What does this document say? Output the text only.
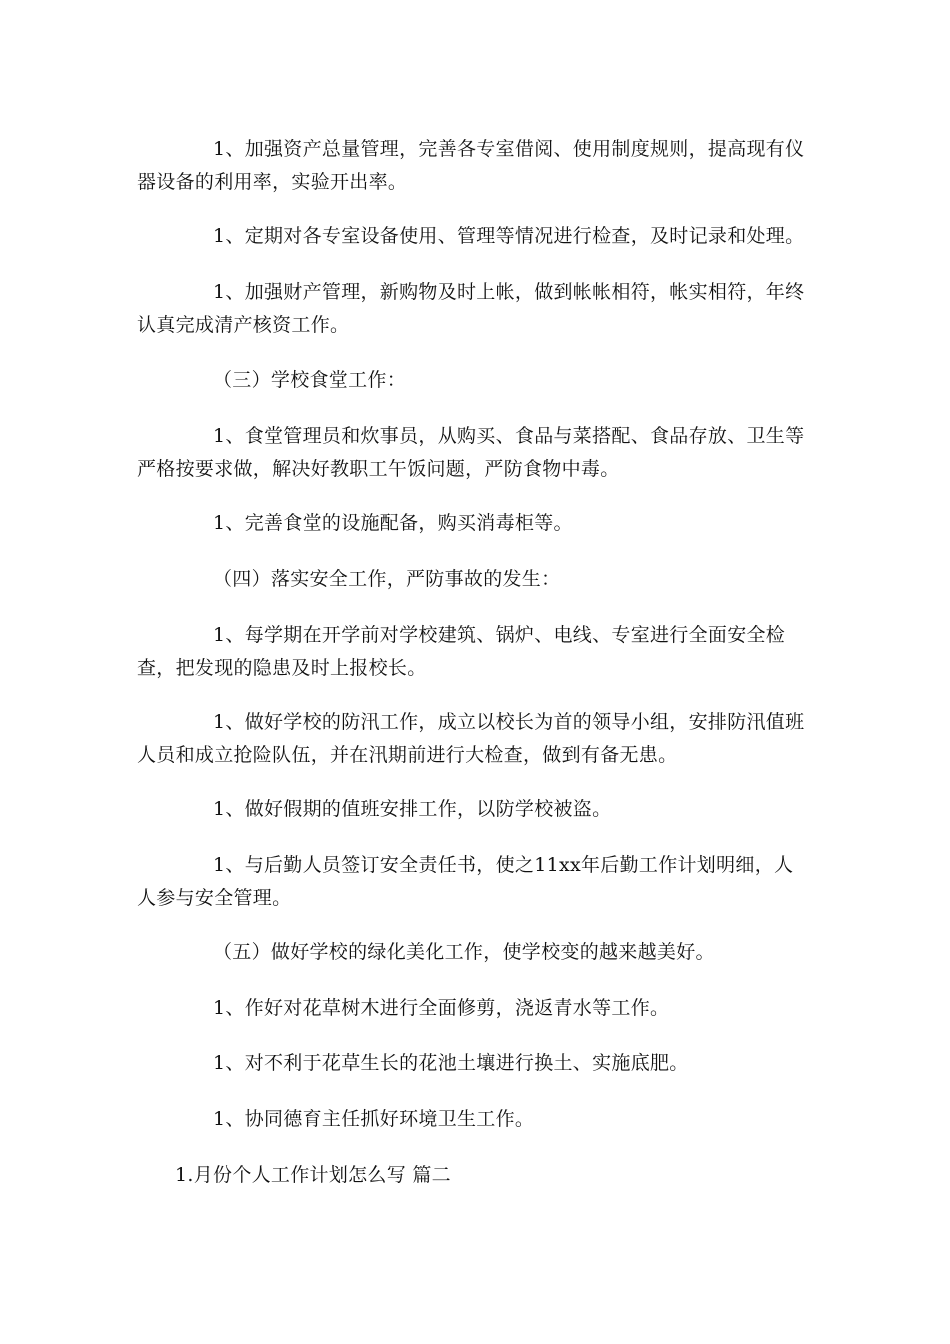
1、加强资产总量管理，完善各专室借阅、使用制度规则，提高现有仪器设备的利用率，实验开出率。

1、定期对各专室设备使用、管理等情况进行检查，及时记录和处理。

1、加强财产管理，新购物及时上帐，做到帐帐相符，帐实相符，年终认真完成清产核资工作。

（三）学校食堂工作：

1、食堂管理员和炊事员，从购买、食品与菜搭配、食品存放、卫生等严格按要求做，解决好教职工午饭问题，严防食物中毒。

1、完善食堂的设施配备，购买消毒柜等。

（四）落实安全工作，严防事故的发生：

1、每学期在开学前对学校建筑、锅炉、电线、专室进行全面安全检查，把发现的隐患及时上报校长。

1、做好学校的防汛工作，成立以校长为首的领导小组，安排防汛值班人员和成立抢险队伍，并在汛期前进行大检查，做到有备无患。

1、做好假期的值班安排工作，以防学校被盗。

1、与后勤人员签订安全责任书，使之11xx年后勤工作计划明细，人人参与安全管理。

（五）做好学校的绿化美化工作，使学校变的越来越美好。

1、作好对花草树木进行全面修剪，浇返青水等工作。

1、对不利于花草生长的花池土壤进行换土、实施底肥。

1、协同德育主任抓好环境卫生工作。

1.月份个人工作计划怎么写 篇二
